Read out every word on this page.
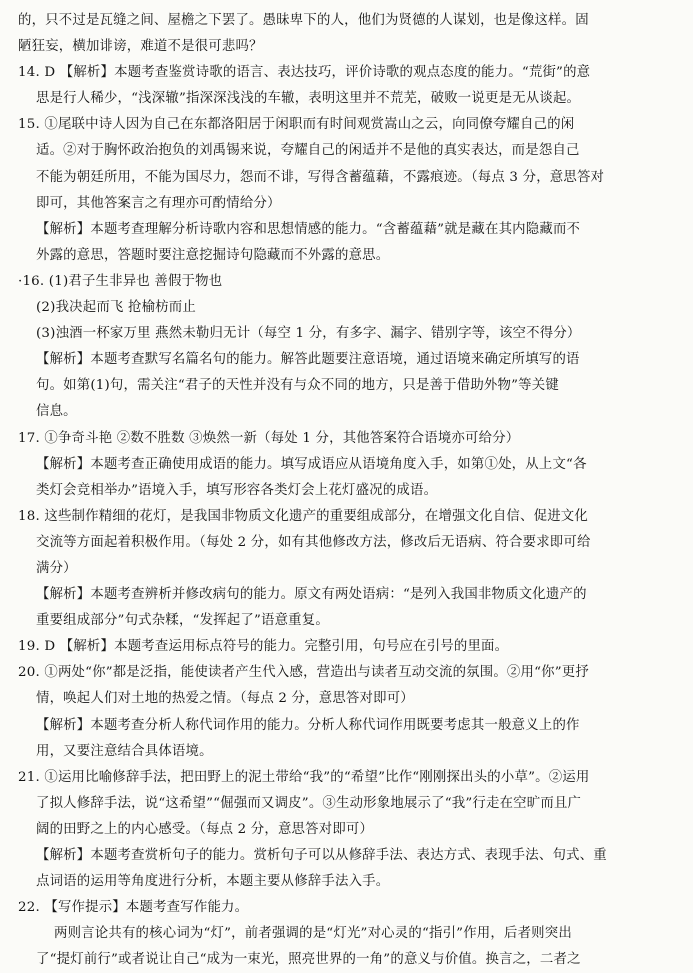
的，只不过是瓦缝之间、屋檐之下罢了。愚昧卑下的人，他们为贤德的人谋划，也是像这样。固
陋狂妄，横加诽谤，难道不是很可悲吗？
14. D 【解析】本题考查鉴赏诗歌的语言、表达技巧，评价诗歌的观点态度的能力。“荒街”的意
思是行人稀少，“浅深辙”指深深浅浅的车辙，表明这里并不荒芜，破败一说更是无从谈起。
15. ①尾联中诗人因为自己在东都洛阳居于闲职而有时间观赏嵩山之云，向同僚夸耀自己的闲
适。②对于胸怀政治抱负的刘禹锡来说，夸耀自己的闲适并不是他的真实表达，而是怨自己
不能为朝廷所用，不能为国尽力，怨而不诽，写得含蓄蕴藉，不露痕迹。（每点 3 分，意思答对
即可，其他答案言之有理亦可酌情给分）
【解析】本题考查理解分析诗歌内容和思想情感的能力。“含蓄蕴藉”就是藏在其内隐藏而不
外露的意思，答题时要注意挖掘诗句隐藏而不外露的意思。
·16. (1)君子生非异也 善假于物也
(2)我决起而飞 抢榆枋而止
(3)浊酒一杯家万里 燕然未勒归无计（每空 1 分，有多字、漏字、错别字等，该空不得分）
【解析】本题考查默写名篇名句的能力。解答此题要注意语境，通过语境来确定所填写的语
句。如第(1)句，需关注“君子的天性并没有与众不同的地方，只是善于借助外物”等关键
信息。
17. ①争奇斗艳 ②数不胜数 ③焕然一新（每处 1 分，其他答案符合语境亦可给分）
【解析】本题考查正确使用成语的能力。填写成语应从语境角度入手，如第①处，从上文“各
类灯会竞相举办”语境入手，填写形容各类灯会上花灯盛况的成语。
18. 这些制作精细的花灯，是我国非物质文化遗产的重要组成部分，在增强文化自信、促进文化
交流等方面起着积极作用。（每处 2 分，如有其他修改方法，修改后无语病、符合要求即可给
满分）
【解析】本题考查辨析并修改病句的能力。原文有两处语病：“是列入我国非物质文化遗产的
重要组成部分”句式杂糅，“发挥起了”语意重复。
19. D 【解析】本题考查运用标点符号的能力。完整引用，句号应在引号的里面。
20. ①两处“你”都是泛指，能使读者产生代入感，营造出与读者互动交流的氛围。②用“你”更抒
情，唤起人们对土地的热爱之情。（每点 2 分，意思答对即可）
【解析】本题考查分析人称代词作用的能力。分析人称代词作用既要考虑其一般意义上的作
用，又要注意结合具体语境。
21. ①运用比喻修辞手法，把田野上的泥土带给“我”的“希望”比作“刚刚探出头的小草”。②运用
了拟人修辞手法，说“这希望”“倔强而又调皮”。③生动形象地展示了“我”行走在空旷而且广
阔的田野之上的内心感受。（每点 2 分，意思答对即可）
【解析】本题考查赏析句子的能力。赏析句子可以从修辞手法、表达方式、表现手法、句式、重
点词语的运用等角度进行分析，本题主要从修辞手法入手。
22. 【写作提示】本题考查写作能力。
两则言论共有的核心词为“灯”，前者强调的是“灯光”对心灵的“指引”作用，后者则突出
了“提灯前行”或者说让自己“成为一束光，照亮世界的一角”的意义与价值。换言之，二者之
